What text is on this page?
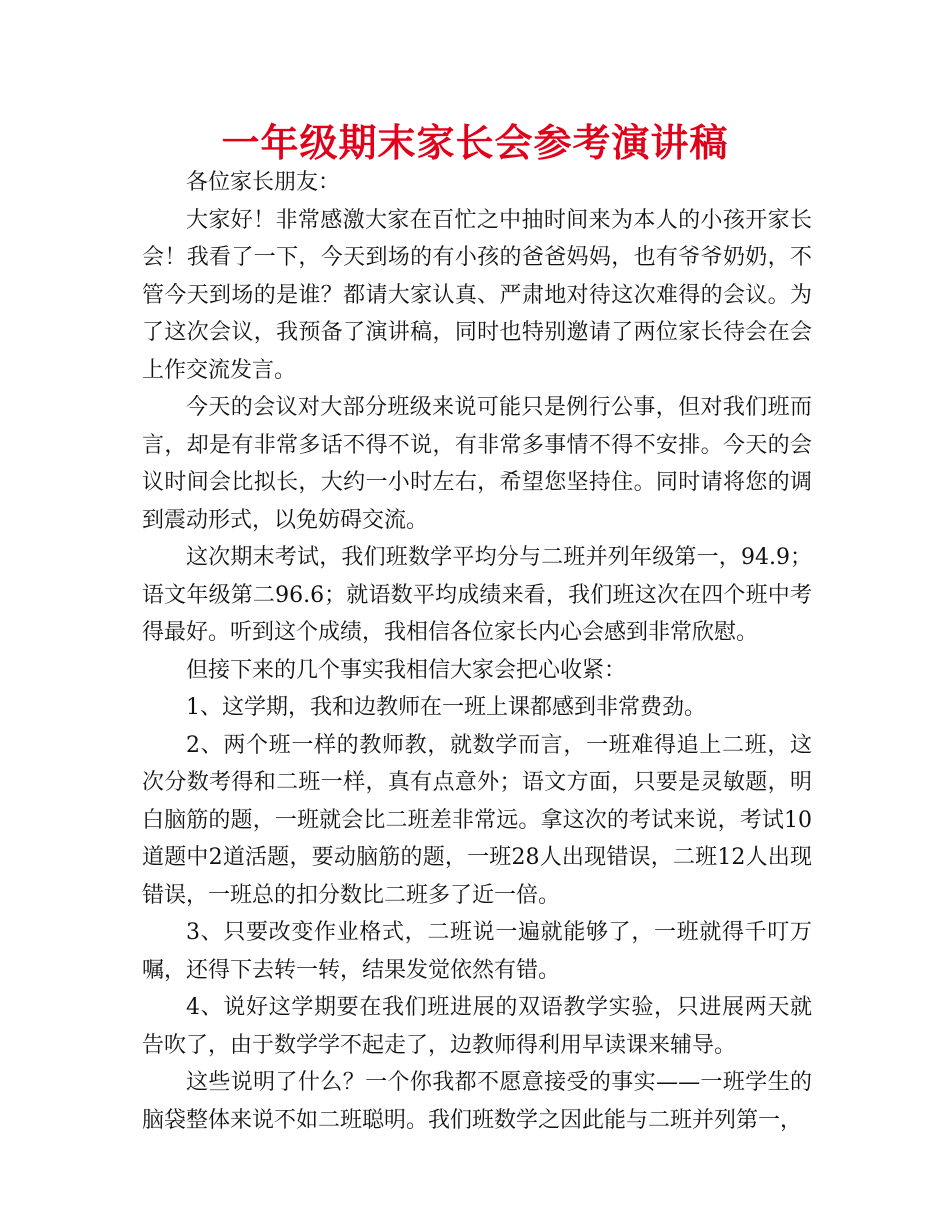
一年级期末家长会参考演讲稿

各位家长朋友：

大家好！非常感激大家在百忙之中抽时间来为本人的小孩开家长会！我看了一下，今天到场的有小孩的爸爸妈妈，也有爷爷奶奶，不管今天到场的是谁？都请大家认真、严肃地对待这次难得的会议。为了这次会议，我预备了演讲稿，同时也特别邀请了两位家长待会在会上作交流发言。

今天的会议对大部分班级来说可能只是例行公事，但对我们班而言，却是有非常多话不得不说，有非常多事情不得不安排。今天的会议时间会比拟长，大约一小时左右，希望您坚持住。同时请将您的调到震动形式，以免妨碍交流。

这次期末考试，我们班数学平均分与二班并列年级第一，94.9；语文年级第二96.6；就语数平均成绩来看，我们班这次在四个班中考得最好。听到这个成绩，我相信各位家长内心会感到非常欣慰。

但接下来的几个事实我相信大家会把心收紧：

1、这学期，我和边教师在一班上课都感到非常费劲。

2、两个班一样的教师教，就数学而言，一班难得追上二班，这次分数考得和二班一样，真有点意外；语文方面，只要是灵敏题，明白脑筋的题，一班就会比二班差非常远。拿这次的考试来说，考试10道题中2道活题，要动脑筋的题，一班28人出现错误，二班12人出现错误，一班总的扣分数比二班多了近一倍。

3、只要改变作业格式，二班说一遍就能够了，一班就得千叮万嘱，还得下去转一转，结果发觉依然有错。

4、说好这学期要在我们班进展的双语教学实验，只进展两天就告吹了，由于数学学不起走了，边教师得利用早读课来辅导。

这些说明了什么？一个你我都不愿意接受的事实——一班学生的脑袋整体来说不如二班聪明。我们班数学之因此能与二班并列第一，
